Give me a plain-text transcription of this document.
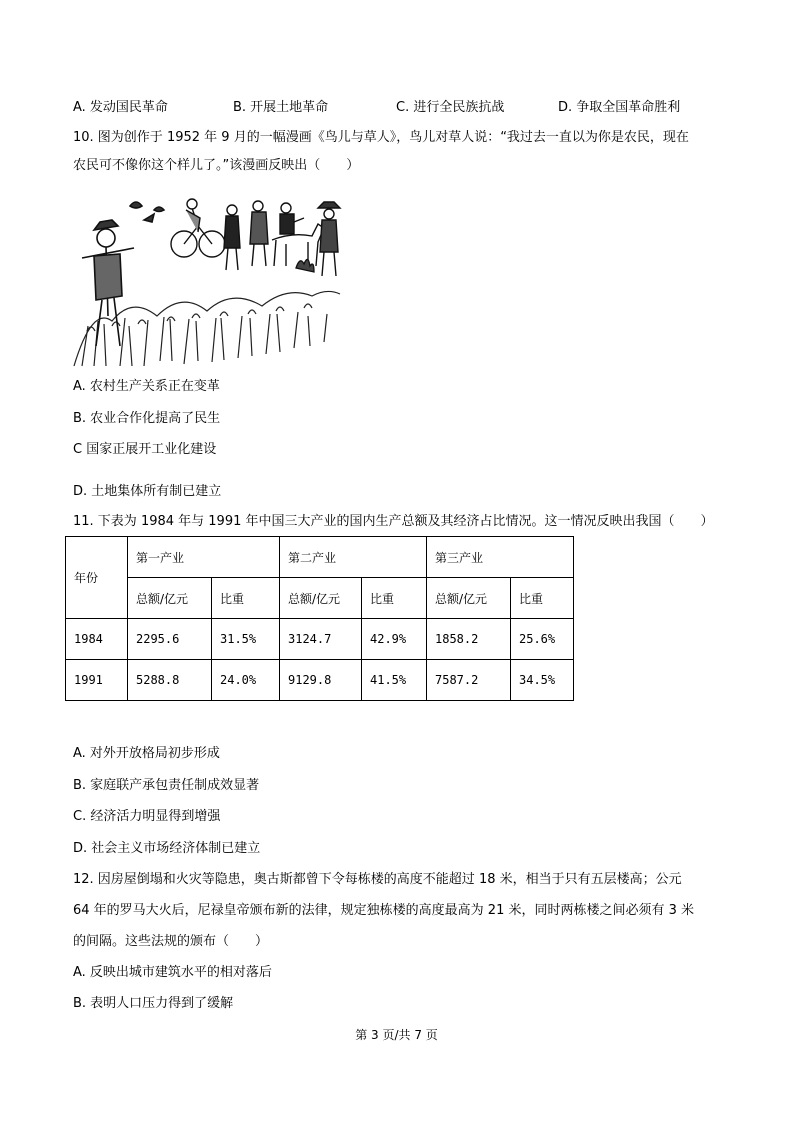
A. 发动国民革命	B. 开展土地革命	C. 进行全民族抗战	D. 争取全国革命胜利
10. 图为创作于 1952 年 9 月的一幅漫画《鸟儿与草人》，鸟儿对草人说：“我过去一直以为你是农民，现在
农民可不像你这个样儿了。”该漫画反映出（　　）
A. 农村生产关系正在变革
B. 农业合作化提高了民生
C 国家正展开工业化建设
D. 土地集体所有制已建立
11. 下表为 1984 年与 1991 年中国三大产业的国内生产总额及其经济占比情况。这一情况反映出我国（　　）
年份	第一产业		第二产业		第三产业	
	总额/亿元	比重	总额/亿元	比重	总额/亿元	比重
1984	2295.6	31.5%	3124.7	42.9%	1858.2	25.6%
1991	5288.8	24.0%	9129.8	41.5%	7587.2	34.5%
A. 对外开放格局初步形成
B. 家庭联产承包责任制成效显著
C. 经济活力明显得到增强
D. 社会主义市场经济体制已建立
12. 因房屋倒塌和火灾等隐患，奥古斯都曾下令每栋楼的高度不能超过 18 米，相当于只有五层楼高；公元
64 年的罗马大火后，尼禄皇帝颁布新的法律，规定独栋楼的高度最高为 21 米，同时两栋楼之间必须有 3 米
的间隔。这些法规的颁布（　　）
A. 反映出城市建筑水平的相对落后
B. 表明人口压力得到了缓解
第 3 页/共 7 页
